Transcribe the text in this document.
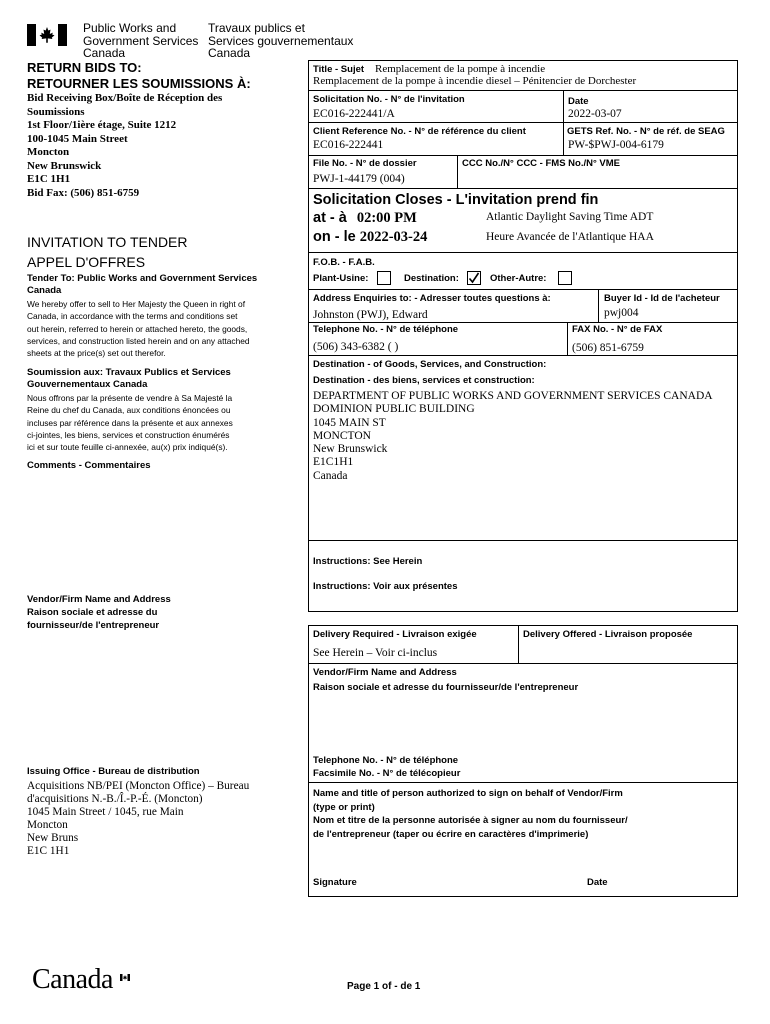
Public Works and
Government Services
Canada
Travaux publics et
Services gouvernementaux
Canada
RETURN BIDS TO:
RETOURNER LES SOUMISSIONS À:
Bid Receiving Box/Boîte de Réception des
Soumissions
1st Floor/1ière étage, Suite 1212
100-1045 Main Street
Moncton
New Brunswick
E1C 1H1
Bid Fax: (506) 851-6759
INVITATION TO TENDER
APPEL D'OFFRES
Tender To: Public Works and Government Services
Canada
We hereby offer to sell to Her Majesty the Queen in right of
Canada, in accordance with the terms and conditions set
out herein, referred to herein or attached hereto, the goods,
services, and construction listed herein and on any attached
sheets at the price(s) set out therefor.
Soumission aux: Travaux Publics et Services
Gouvernementaux Canada
Nous offrons par la présente de vendre à Sa Majesté la
Reine du chef du Canada, aux conditions énoncées ou
incluses par référence dans la présente et aux annexes
ci-jointes, les biens, services et construction énumérés
ici et sur toute feuille ci-annexée, au(x) prix indiqué(s).
Comments - Commentaires
Vendor/Firm Name and Address
Raison sociale et adresse du
fournisseur/de l'entrepreneur
Issuing Office - Bureau de distribution
Acquisitions NB/PEI (Moncton Office) – Bureau
d'acquisitions N.-B./Î.-P.-É. (Moncton)
1045 Main Street / 1045, rue Main
Moncton
New Bruns
E1C 1H1
Title - Sujet Remplacement de la pompe à incendie
Remplacement de la pompe à incendie diesel – Pénitencier de Dorchester
Solicitation No. - N° de l'invitation
EC016-222441/A
Date
2022-03-07
Client Reference No. - N° de référence du client
EC016-222441
GETS Ref. No. - N° de réf. de SEAG
PW-$PWJ-004-6179
File No. - N° de dossier
PWJ-1-44179 (004)
CCC No./N° CCC - FMS No./N° VME
Solicitation Closes - L'invitation prend fin
at - à 02:00 PM
on - le 2022-03-24
Atlantic Daylight Saving Time ADT
Heure Avancée de l'Atlantique HAA
F.O.B. - F.A.B.
Plant-Usine:	Destination:	Other-Autre:
Address Enquiries to: - Adresser toutes questions à:
Johnston (PWJ), Edward
Buyer Id - Id de l'acheteur
pwj004
Telephone No. - N° de téléphone
(506) 343-6382 ( )
FAX No. - N° de FAX
(506) 851-6759
Destination - of Goods, Services, and Construction:
Destination - des biens, services et construction:
DEPARTMENT OF PUBLIC WORKS AND GOVERNMENT SERVICES CANADA
DOMINION PUBLIC BUILDING
1045 MAIN ST
MONCTON
New Brunswick
E1C1H1
Canada
Instructions: See Herein
Instructions: Voir aux présentes
Delivery Required - Livraison exigée
See Herein – Voir ci-inclus
Delivery Offered - Livraison proposée
Vendor/Firm Name and Address
Raison sociale et adresse du fournisseur/de l'entrepreneur
Telephone No. - N° de téléphone
Facsimile No. - N° de télécopieur
Name and title of person authorized to sign on behalf of Vendor/Firm
(type or print)
Nom et titre de la personne autorisée à signer au nom du fournisseur/
de l'entrepreneur (taper ou écrire en caractères d'imprimerie)
Signature	Date
Canada	Page 1 of - de 1
